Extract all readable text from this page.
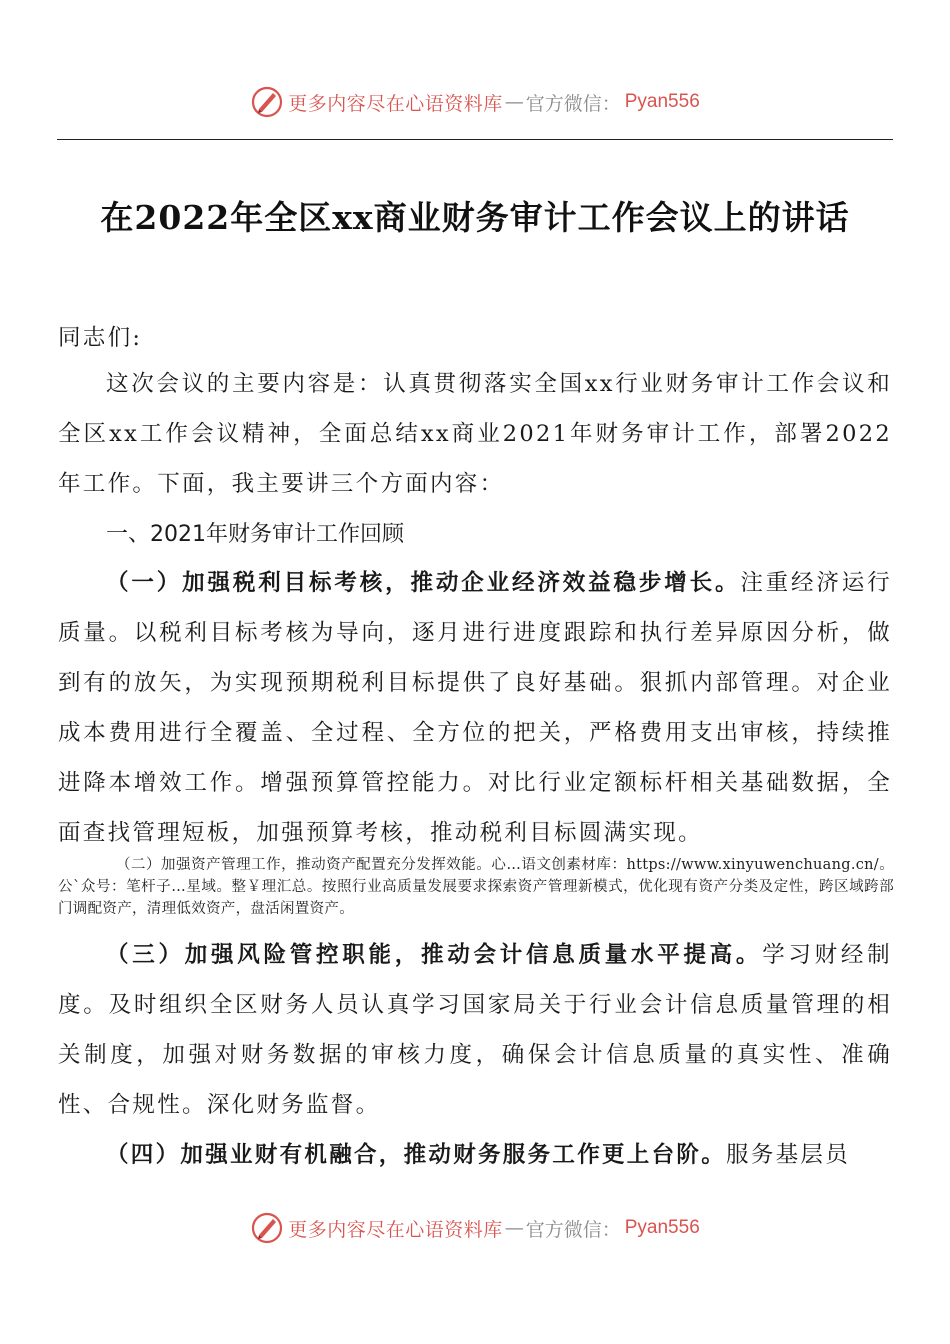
更多内容尽在心语资料库 — 官方微信： Pyan556
在2022年全区xx商业财务审计工作会议上的讲话

同志们:

这次会议的主要内容是：认真贯彻落实全国xx行业财务审计工作会议和全区xx工作会议精神，全面总结xx商业2021年财务审计工作，部署2022年工作。下面，我主要讲三个方面内容：

一、2021年财务审计工作回顾

（一）加强税利目标考核，推动企业经济效益稳步增长。注重经济运行质量。以税利目标考核为导向，逐月进行进度跟踪和执行差异原因分析，做到有的放矢，为实现预期税利目标提供了良好基础。狠抓内部管理。对企业成本费用进行全覆盖、全过程、全方位的把关，严格费用支出审核，持续推进降本增效工作。增强预算管控能力。对比行业定额标杆相关基础数据，全面查找管理短板，加强预算考核，推动税利目标圆满实现。

（二）加强资产管理工作，推动资产配置充分发挥效能。心…语文创素材库：https://www.xinyuwenchuang.cn/。公`众号：笔杆子…星域。整￥理汇总。按照行业高质量发展要求探索资产管理新模式，优化现有资产分类及定性，跨区域跨部门调配资产，清理低效资产，盘活闲置资产。

（三）加强风险管控职能，推动会计信息质量水平提高。学习财经制度。及时组织全区财务人员认真学习国家局关于行业会计信息质量管理的相关制度，加强对财务数据的审核力度，确保会计信息质量的真实性、准确性、合规性。深化财务监督。

（四）加强业财有机融合，推动财务服务工作更上台阶。服务基层员

更多内容尽在心语资料库 — 官方微信： Pyan556
